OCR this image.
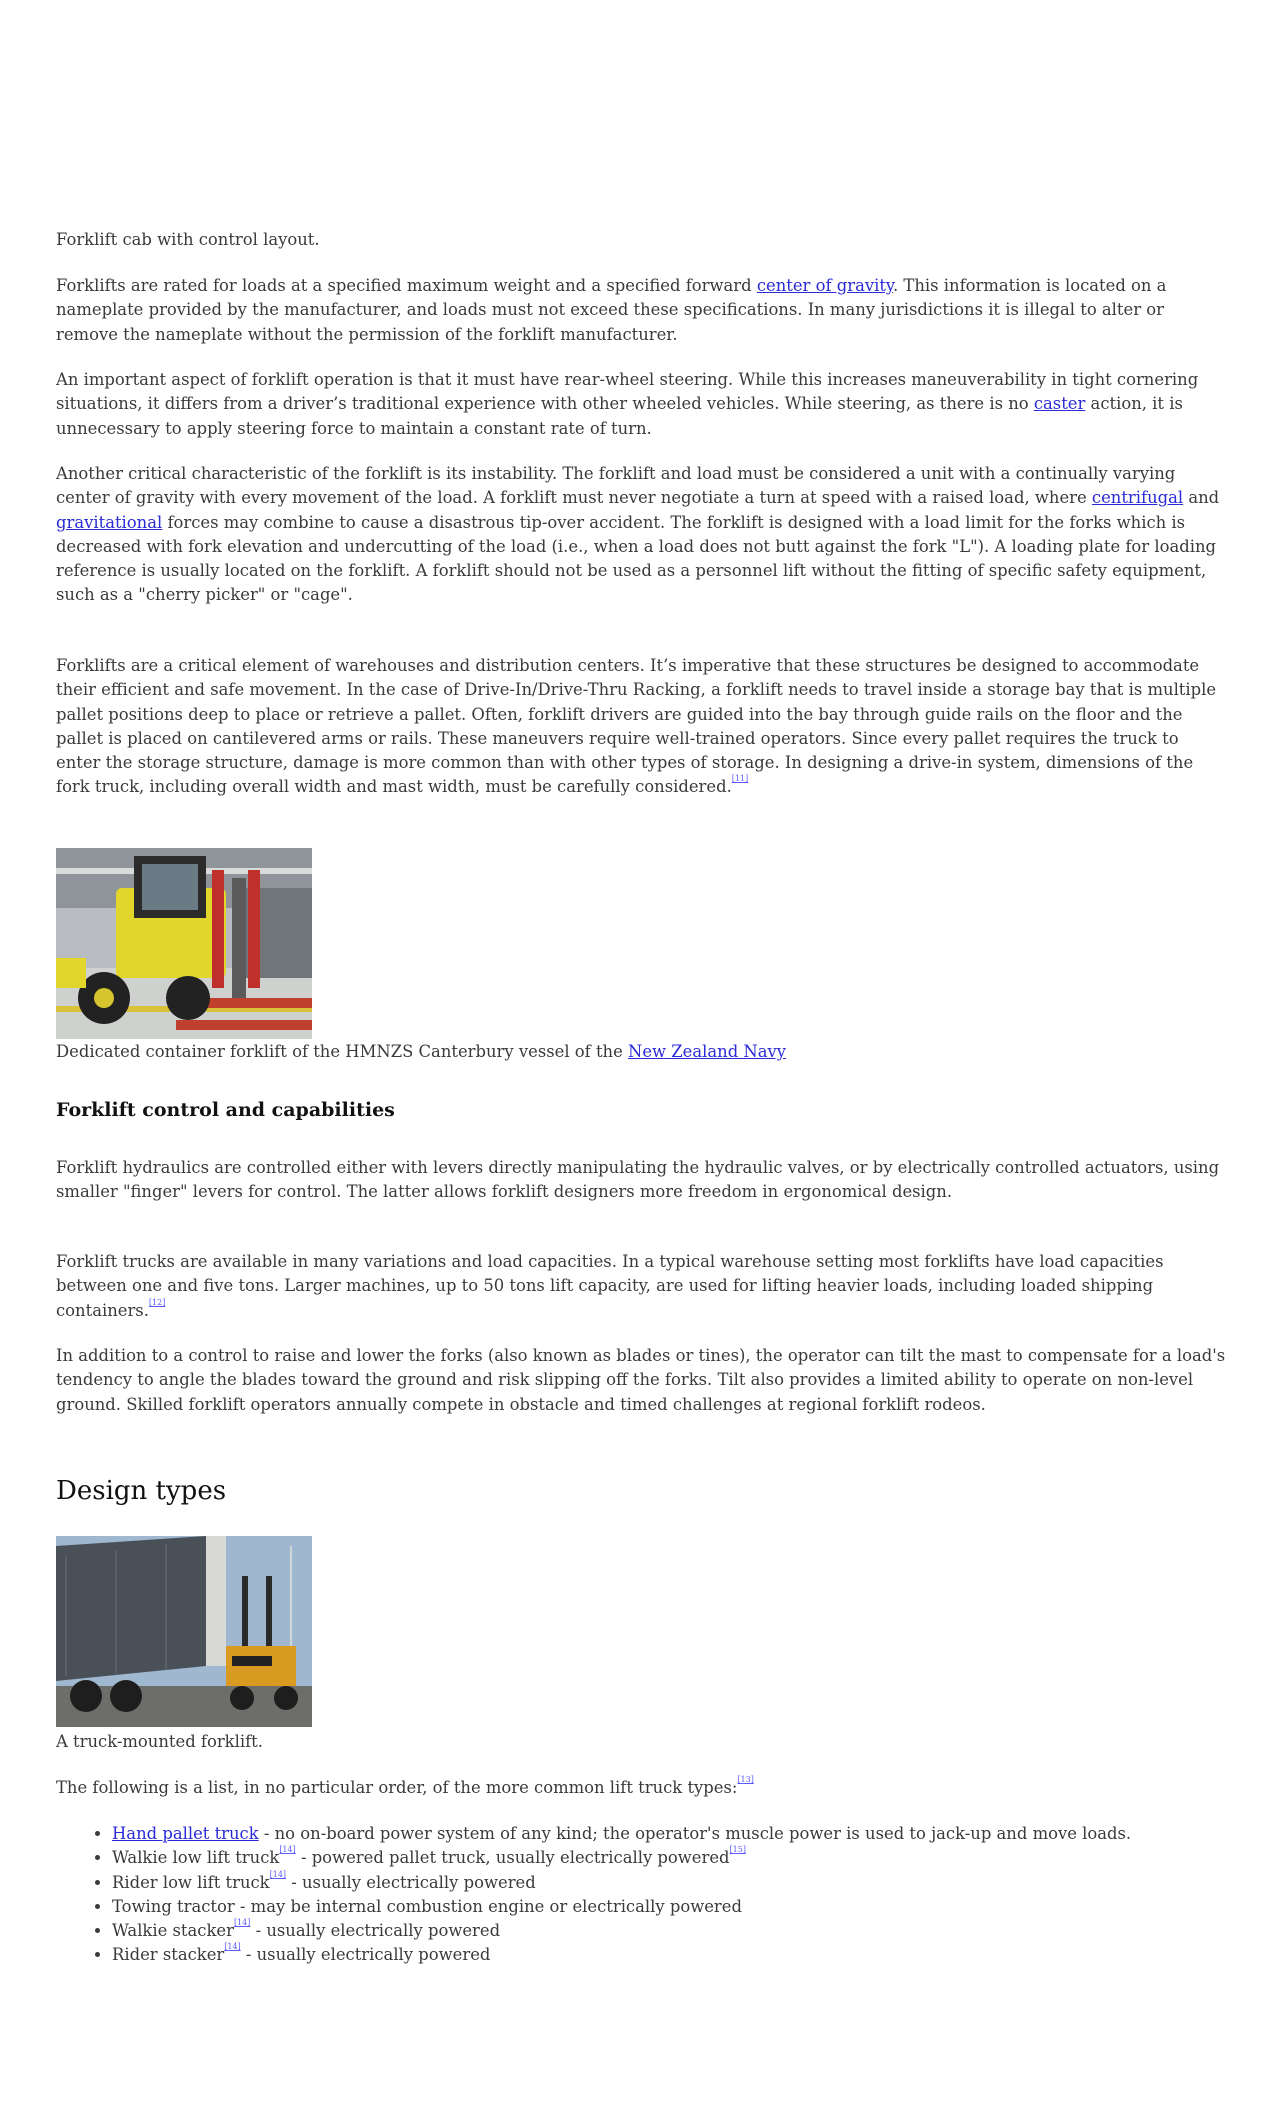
Forklift cab with control layout.

Forklifts are rated for loads at a specified maximum weight and a specified forward center of gravity. This information is located on a nameplate provided by the manufacturer, and loads must not exceed these specifications. In many jurisdictions it is illegal to alter or remove the nameplate without the permission of the forklift manufacturer.

An important aspect of forklift operation is that it must have rear-wheel steering. While this increases maneuverability in tight cornering situations, it differs from a driver’s traditional experience with other wheeled vehicles. While steering, as there is no caster action, it is unnecessary to apply steering force to maintain a constant rate of turn.

Another critical characteristic of the forklift is its instability. The forklift and load must be considered a unit with a continually varying center of gravity with every movement of the load. A forklift must never negotiate a turn at speed with a raised load, where centrifugal and gravitational forces may combine to cause a disastrous tip-over accident. The forklift is designed with a load limit for the forks which is decreased with fork elevation and undercutting of the load (i.e., when a load does not butt against the fork "L"). A loading plate for loading reference is usually located on the forklift. A forklift should not be used as a personnel lift without the fitting of specific safety equipment, such as a "cherry picker" or "cage".

Forklifts are a critical element of warehouses and distribution centers. It’s imperative that these structures be designed to accommodate their efficient and safe movement. In the case of Drive-In/Drive-Thru Racking, a forklift needs to travel inside a storage bay that is multiple pallet positions deep to place or retrieve a pallet. Often, forklift drivers are guided into the bay through guide rails on the floor and the pallet is placed on cantilevered arms or rails. These maneuvers require well-trained operators. Since every pallet requires the truck to enter the storage structure, damage is more common than with other types of storage. In designing a drive-in system, dimensions of the fork truck, including overall width and mast width, must be carefully considered.[11]

Dedicated container forklift of the HMNZS Canterbury vessel of the New Zealand Navy
Forklift control and capabilities

Forklift hydraulics are controlled either with levers directly manipulating the hydraulic valves, or by electrically controlled actuators, using smaller "finger" levers for control. The latter allows forklift designers more freedom in ergonomical design.

Forklift trucks are available in many variations and load capacities. In a typical warehouse setting most forklifts have load capacities between one and five tons. Larger machines, up to 50 tons lift capacity, are used for lifting heavier loads, including loaded shipping containers.[12]

In addition to a control to raise and lower the forks (also known as blades or tines), the operator can tilt the mast to compensate for a load's tendency to angle the blades toward the ground and risk slipping off the forks. Tilt also provides a limited ability to operate on non-level ground. Skilled forklift operators annually compete in obstacle and timed challenges at regional forklift rodeos.

Design types
A truck-mounted forklift.

The following is a list, in no particular order, of the more common lift truck types:[13]

• Hand pallet truck - no on-board power system of any kind; the operator's muscle power is used to jack-up and move loads.
• Walkie low lift truck[14] - powered pallet truck, usually electrically powered[15]
• Rider low lift truck[14] - usually electrically powered
• Towing tractor - may be internal combustion engine or electrically powered
• Walkie stacker[14] - usually electrically powered
• Rider stacker[14] - usually electrically powered
